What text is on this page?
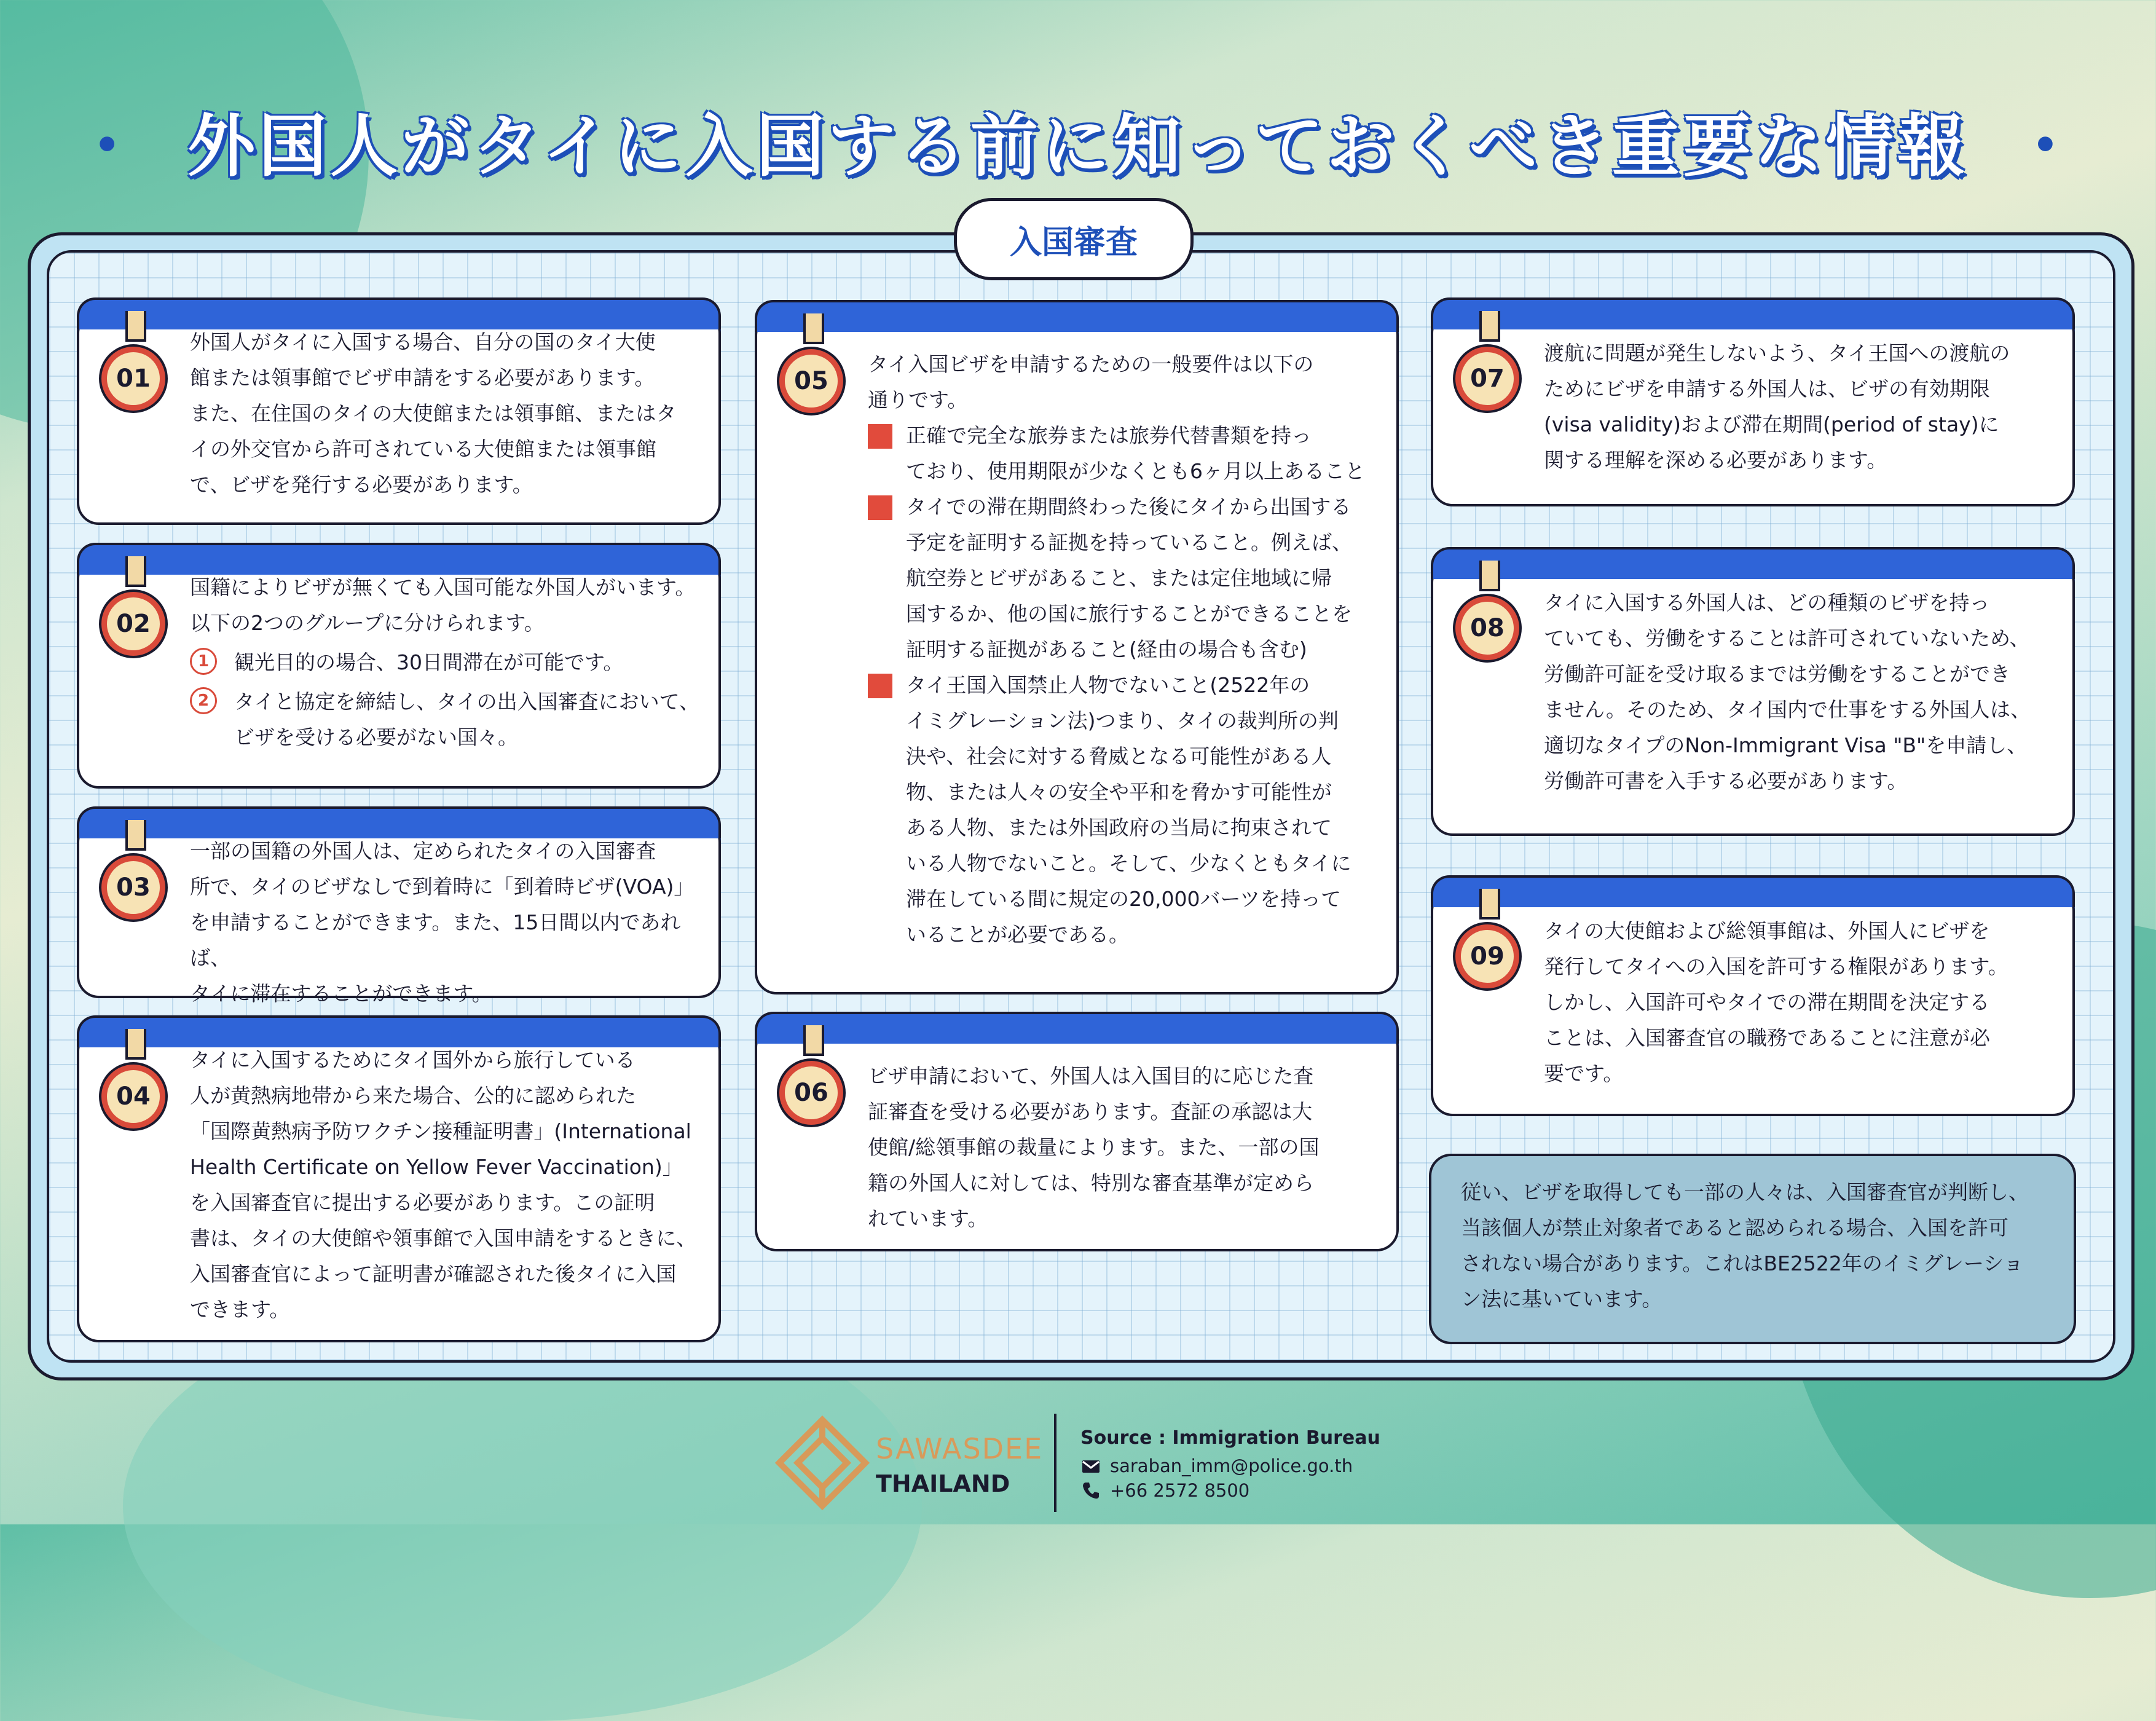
・ 外国人がタイに入国する前に知っておくべき重要な情報 ・
入国審査
01

外国人がタイに入国する場合、自分の国のタイ大使

館または領事館でビザ申請をする必要があります。

また、在住国のタイの大使館または領事館、またはタ

イの外交官から許可されている大使館または領事館

で、ビザを発行する必要があります。

02

国籍によりビザが無くても入国可能な外国人がいます。

以下の2つのグループに分けられます。

1	観光目的の場合、30日間滞在が可能です。

2	タイと協定を締結し、タイの出入国審査において、

ビザを受ける必要がない国々。

03

一部の国籍の外国人は、定められたタイの入国審査

所で、タイのビザなしで到着時に「到着時ビザ(VOA)」

を申請することができます。また、15日間以内であれば、

タイに滞在することができます。

04

タイに入国するためにタイ国外から旅行している

人が黄熱病地帯から来た場合、公的に認められた

「国際黄熱病予防ワクチン接種証明書」(International

Health Certificate on Yellow Fever Vaccination)」

を入国審査官に提出する必要があります。この証明

書は、タイの大使館や領事館で入国申請をするときに、

入国審査官によって証明書が確認された後タイに入国

できます。

05

タイ入国ビザを申請するための一般要件は以下の

通りです。

正確で完全な旅券または旅券代替書類を持っ

ており、使用期限が少なくとも6ヶ月以上あること

タイでの滞在期間終わった後にタイから出国する

予定を証明する証拠を持っていること。例えば、

航空券とビザがあること、または定住地域に帰

国するか、他の国に旅行することができることを

証明する証拠があること(経由の場合も含む)

タイ王国入国禁止人物でないこと(2522年の

イミグレーション法)つまり、タイの裁判所の判

決や、社会に対する脅威となる可能性がある人

物、または人々の安全や平和を脅かす可能性が

ある人物、または外国政府の当局に拘束されて

いる人物でないこと。そして、少なくともタイに

滞在している間に規定の20,000バーツを持って

いることが必要である。

06

ビザ申請において、外国人は入国目的に応じた査

証審査を受ける必要があります。査証の承認は大

使館/総領事館の裁量によります。また、一部の国

籍の外国人に対しては、特別な審査基準が定めら

れています。

07

渡航に問題が発生しないよう、タイ王国への渡航の

ためにビザを申請する外国人は、ビザの有効期限

(visa validity)および滞在期間(period of stay)に

関する理解を深める必要があります。

08

タイに入国する外国人は、どの種類のビザを持っ

ていても、労働をすることは許可されていないため、

労働許可証を受け取るまでは労働をすることができ

ません。そのため、タイ国内で仕事をする外国人は、

適切なタイプのNon-Immigrant Visa "B"を申請し、

労働許可書を入手する必要があります。

09

タイの大使館および総領事館は、外国人にビザを

発行してタイへの入国を許可する権限があります。

しかし、入国許可やタイでの滞在期間を決定する

ことは、入国審査官の職務であることに注意が必

要です。

従い、ビザを取得しても一部の人々は、入国審査官が判断し、

当該個人が禁止対象者であると認められる場合、入国を許可

されない場合があります。これはBE2522年のイミグレーショ

ン法に基いています。

SAWASDEE
THAILAND
Source : Immigration Bureau
saraban_imm@police.go.th
+66 2572 8500
